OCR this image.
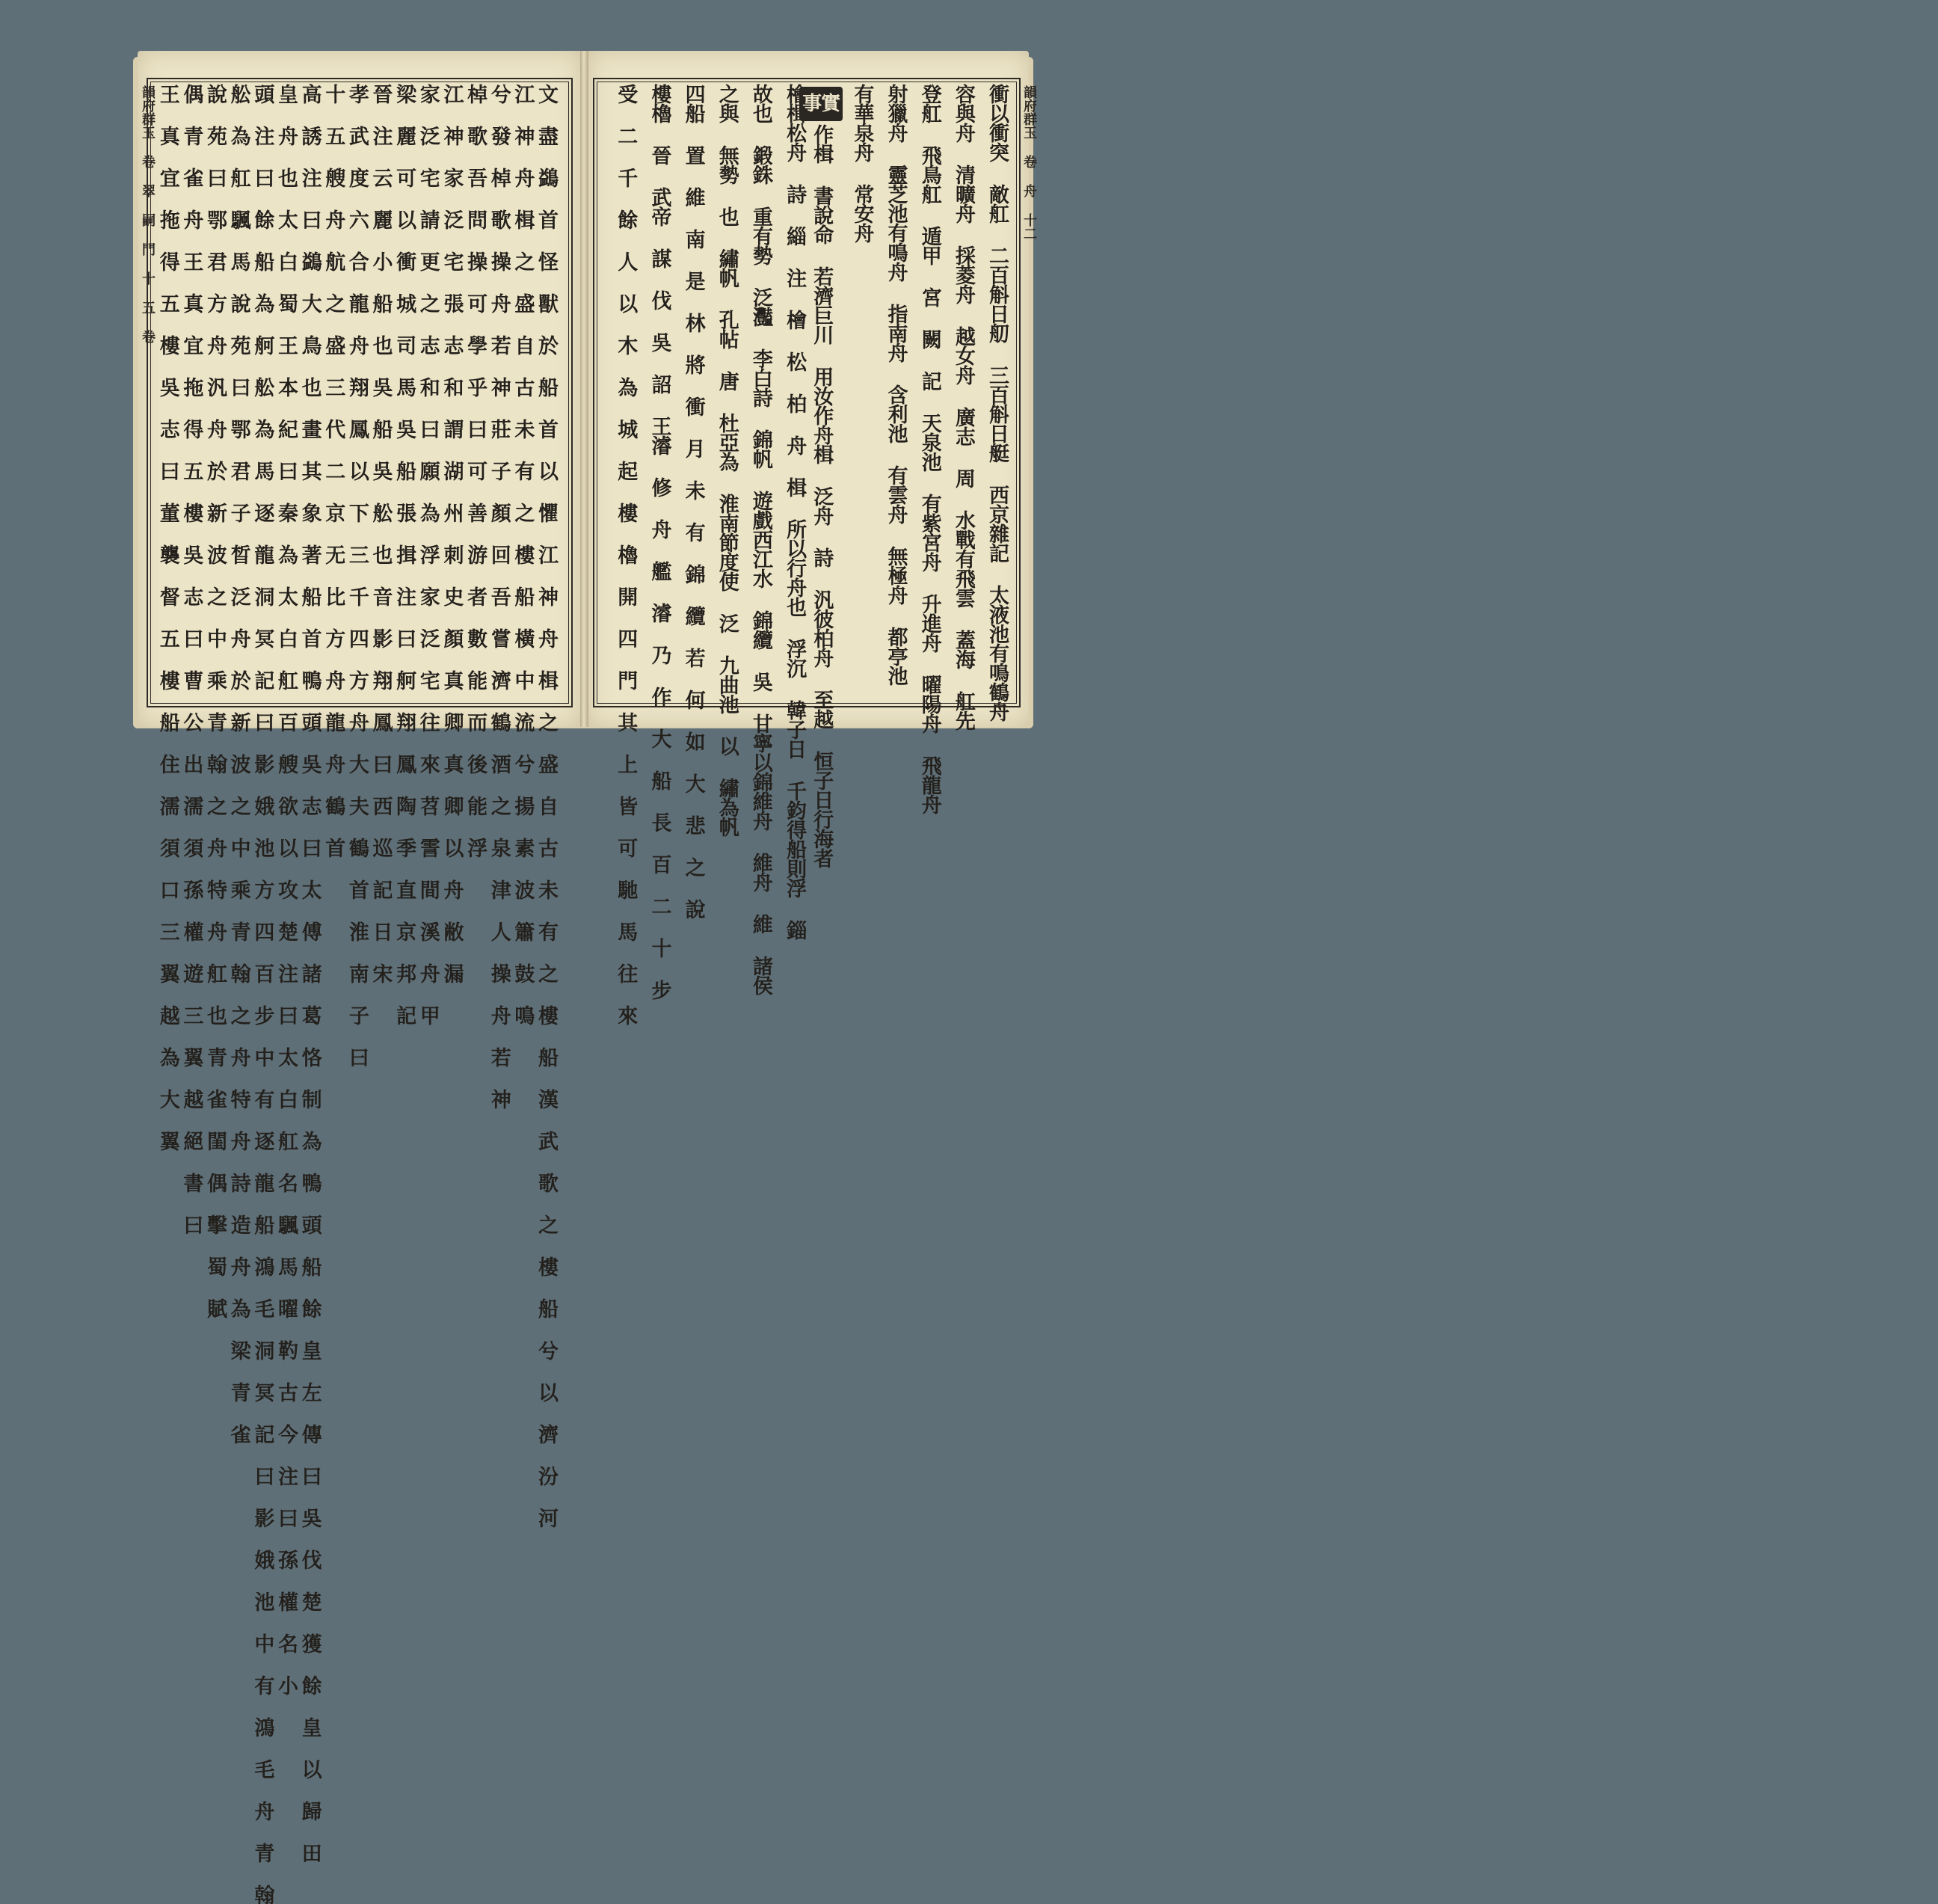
韻府群玉 卷 翠 嗣 門 十 五 卷	文 盡 鷁 首 怪 獸 於 船 首 以 懼 江 神 舟 楫 之 盛 自 古 未 有 之 樓 船 漢 武 歌 之 樓 船 兮 以 濟 汾 河
江 神 舟 楫 之 盛 自 古 未 有 之 樓 船 橫 中 流 兮 揚 素 波 簫 鼓 鳴
兮 發 棹 歌 操 舟 若 神 莊 子 顏 回 吾 嘗 濟 鶴 酒 之 泉 津 人 操 舟 若 神
棹 歌 吾 問 操 可 學 乎 曰 可 善 游 者 數 能 而 後 能 浮
江 神 家 泛 宅 張 志 和 謂 湖 州 刺 史 顏 真 卿 真 卿 以 舟 敝 漏
家 泛 宅 請 更 之 志 和 曰 願 為 浮 家 泛 宅 往 來 苕 霅 間 溪 舟 甲
梁 麗 可 以 衝 城 司 馬 吳 船 張 揖 注 曰 舸 翔 鳳 陶 季 直 京 邦 記
晉 注 云 麗 小 船 也 吳 船 吳 舩 也 音 影 翔 鳳 曰 西 巡 記 日 宋
孝 武 度 六 合 龍 舟 翔 鳳 以 下 三 千 四 方 舟 大 夫 鶴 首 淮 南 子 曰
十 五 艘 舟 航 之 盛 三 代 二 京 无 比 方 舟 龍 舟 鶴 首
高 誘 注 曰 鷁 大 鳥 也 畫 其 象 著 船 首 鴨 頭 吳 志 曰 太 傅 諸 葛 恪 制 為 鴨 頭 船 餘 皇 左 傳 曰 吳 伐 楚 獲 餘 皇 以 歸 田
皇 舟 也 太 白 蜀 王 本 紀 曰 秦 為 太 白 舡 百 艘 欲 以 攻 楚 注 曰 太 白 舡 名 颿 馬 曜 靮 古 今 注 曰 孫 權 名 小
頭 注 曰 餘 船 為 舸 舩 為 馬 逐 龍 洞 冥 記 曰 影 娥 池 方 四 百 步 中 有 逐 龍 船 鴻 毛 洞 冥 記 曰 影 娥 池 中 有 鴻 毛 舟 青 翰
舩 為 舡 颿 馬 說 苑 曰 鄂 君 子 晳 泛 舟 於 新 波 之 中 乘 青 翰 之 舟 特 舟 詩 造 舟 為 梁 青 雀
說 苑 曰 鄂 君 方 舟 汎 舟 於 新 波 之 中 乘 青 翰 之 舟 特 舟 舡 也 青 雀 閨 偶 擊 蜀 賦
偶 青 雀 舟 王 真 宜 拖 得 五 樓 吳 志 曰 曹 公 出 濡 須 孫 權 遊 三 翼 越 絕 書 曰
王 真 宜 拖 得 五 樓 吳 志 曰 董 襲 督 五 樓 船 住 濡 須 口 三 翼 越 為 大 翼	韻府群玉 卷 舟 十二
衝以衝突 敵舡 二百斛日舠 三百斛日艇 西京雜記 太液池有鳴鶴舟
容與舟 清曠舟 採菱舟 越女舟 廣志 周 水戰有飛雲 蓋海 舡先
登舡 飛鳥舡 遁甲 宮 闕 記 天泉池 有紫宮舟 升進舟 曜陽舟 飛龍舟
射獵舟 靈芝池有鳴舟 指南舟 含利池 有雲舟 無極舟 都亭池
有華泉舟 常安舟
事實作楫 書說命 若濟巨川 用汝作舟楫 泛舟 詩 汎彼柏舟 至越 恒子日行海者
檜楫松舟 詩 緇 注 檜 松 柏 舟 楫 所以行舟也 浮沉 韓子日 千鈞得船則浮 錙
故也 鍛銖 重有勢 泛灩 李白詩 錦帆 遊戲西江水 錦纜 吳 甘寧以錦維舟 維舟 維 諸侯
之與 無勢 也 繡帆 孔帖 唐 杜亞為 淮南節度使 泛 九曲池 以 繡為帆
四船 置 維 南 是 林 將 衝 月 未 有 錦 纜 若 何 如 大 悲 之 說
樓櫓 晉 武帝 謀 伐 吳 詔 王濬 修 舟 艦 濬 乃 作 大 船 長 百 二 十 步
受 二 千 餘 人 以 木 為 城 起 樓 櫓 開 四 門 其 上 皆 可 馳 馬 往 來
